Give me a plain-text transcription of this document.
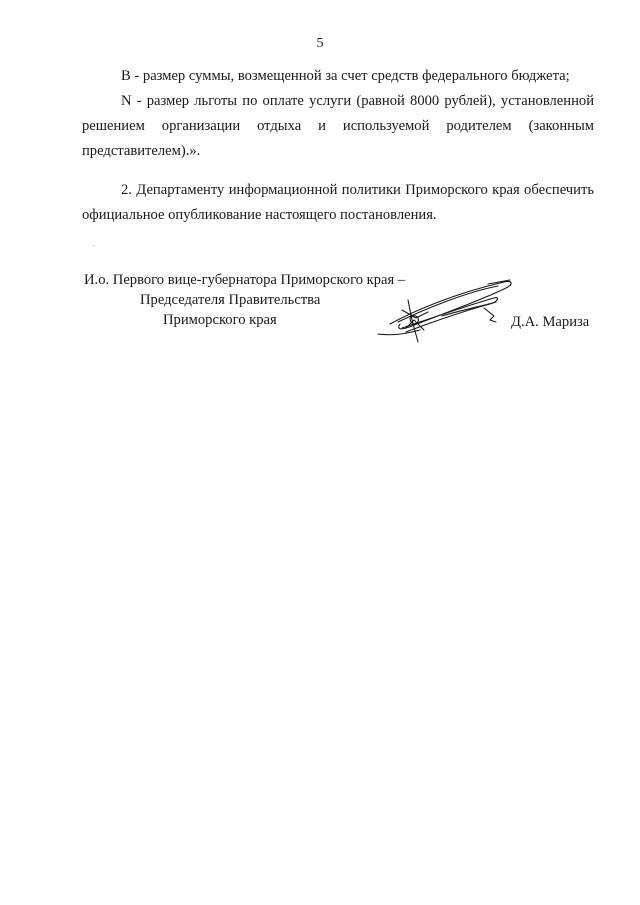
5

B - размер суммы, возмещенной за счет средств федерального бюджета;

N - размер льготы по оплате услуги (равной 8000 рублей), установленной решением организации отдыха и используемой родителем (законным представителем).».

2. Департаменту информационной политики Приморского края обеспечить официальное опубликование настоящего постановления.

И.о. Первого вице-губернатора Приморского края –
Председателя Правительства
Приморского края	Д.А. Мариза
